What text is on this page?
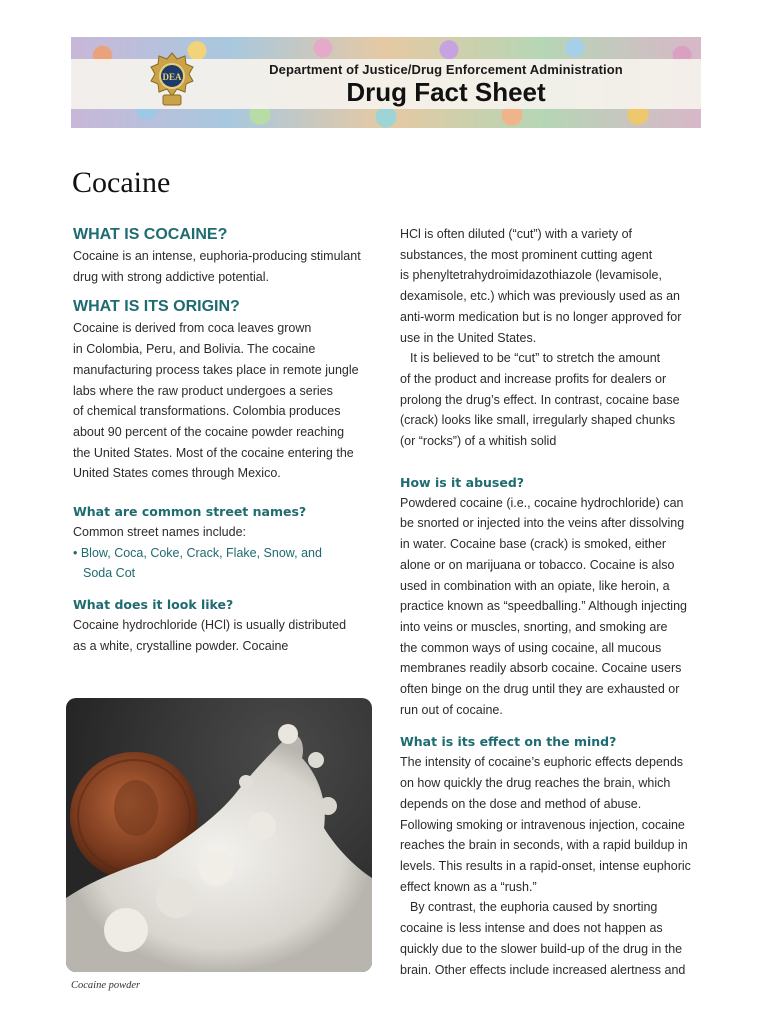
DEA	Department of Justice/Drug Enforcement Administration
Drug Fact Sheet
Cocaine
WHAT IS COCAINE?

Cocaine is an intense, euphoria-producing stimulant
drug with strong addictive potential.

WHAT IS ITS ORIGIN?

Cocaine is derived from coca leaves grown
in Colombia, Peru, and Bolivia. The cocaine
manufacturing process takes place in remote jungle
labs where the raw product undergoes a series
of chemical transformations. Colombia produces
about 90 percent of the cocaine powder reaching
the United States. Most of the cocaine entering the
United States comes through Mexico.

What are common street names?

Common street names include:

• Blow, Coca, Coke, Crack, Flake, Snow, and
Soda Cot

What does it look like?

Cocaine hydrochloride (HCl) is usually distributed
as a white, crystalline powder. Cocaine

Cocaine powder

HCl is often diluted (“cut”) with a variety of
substances, the most prominent cutting agent
is phenyltetrahydroimidazothiazole (levamisole,
dexamisole, etc.) which was previously used as an
anti-worm medication but is no longer approved for
use in the United States.
It is believed to be “cut” to stretch the amount
of the product and increase profits for dealers or
prolong the drug’s effect. In contrast, cocaine base
(crack) looks like small, irregularly shaped chunks
(or “rocks”) of a whitish solid

How is it abused?

Powdered cocaine (i.e., cocaine hydrochloride) can
be snorted or injected into the veins after dissolving
in water. Cocaine base (crack) is smoked, either
alone or on marijuana or tobacco. Cocaine is also
used in combination with an opiate, like heroin, a
practice known as “speedballing.” Although injecting
into veins or muscles, snorting, and smoking are
the common ways of using cocaine, all mucous
membranes readily absorb cocaine. Cocaine users
often binge on the drug until they are exhausted or
run out of cocaine.

What is its effect on the mind?

The intensity of cocaine’s euphoric effects depends
on how quickly the drug reaches the brain, which
depends on the dose and method of abuse.
Following smoking or intravenous injection, cocaine
reaches the brain in seconds, with a rapid buildup in
levels. This results in a rapid-onset, intense euphoric
effect known as a “rush.”
By contrast, the euphoria caused by snorting
cocaine is less intense and does not happen as
quickly due to the slower build-up of the drug in the
brain. Other effects include increased alertness and
